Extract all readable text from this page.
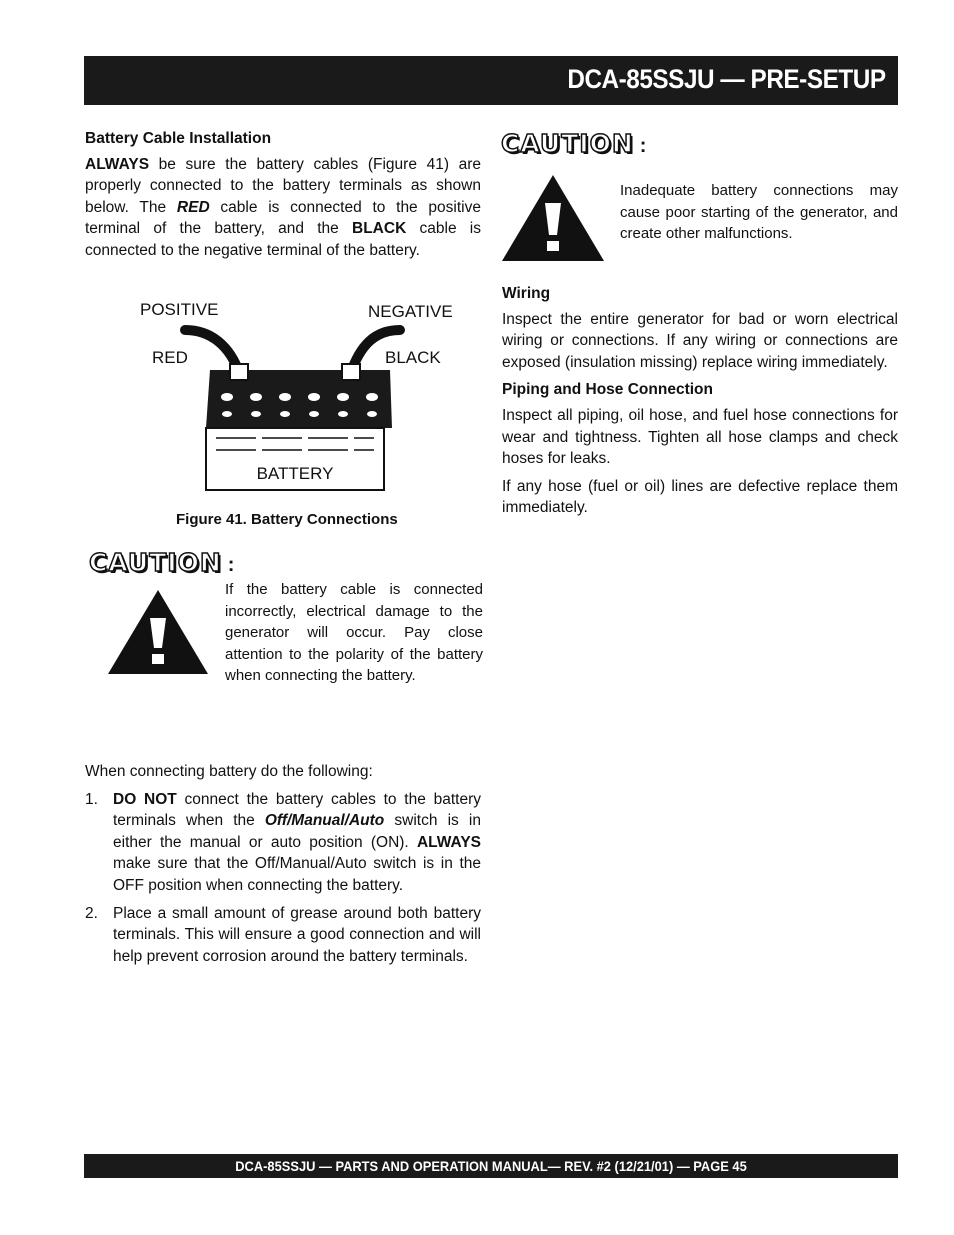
DCA-85SSJU — PRE-SETUP

Battery Cable Installation

ALWAYS be sure the battery cables (Figure 41) are properly connected to the battery terminals as shown below. The RED cable is connected to the positive terminal of the battery, and the BLACK cable is connected to the negative terminal of the battery.

POSITIVE	NEGATIVE
RED	BLACK
BATTERY
Figure 41. Battery Connections
CAUTION :

If the battery cable is connected incorrectly, electrical damage to the generator will occur. Pay close attention to the polarity of the battery when connecting the battery.

When connecting battery do the following:

1. DO NOT connect the battery cables to the battery terminals when the Off/Manual/Auto switch is in either the manual or auto position (ON). ALWAYS make sure that the Off/Manual/Auto switch is in the OFF position when connecting the battery.

2. Place a small amount of grease around both battery terminals. This will ensure a good connection and will help prevent corrosion around the battery terminals.

CAUTION :

Inadequate battery connections may cause poor starting of the generator, and create other malfunctions.

Wiring

Inspect the entire generator for bad or worn electrical wiring or connections. If any wiring or connections are exposed (insulation missing) replace wiring immediately.

Piping and Hose Connection

Inspect all piping, oil hose, and fuel hose connections for wear and tightness. Tighten all hose clamps and check hoses for leaks.

If any hose (fuel or oil) lines are defective replace them immediately.

DCA-85SSJU — PARTS AND OPERATION MANUAL— REV. #2 (12/21/01) — PAGE 45
